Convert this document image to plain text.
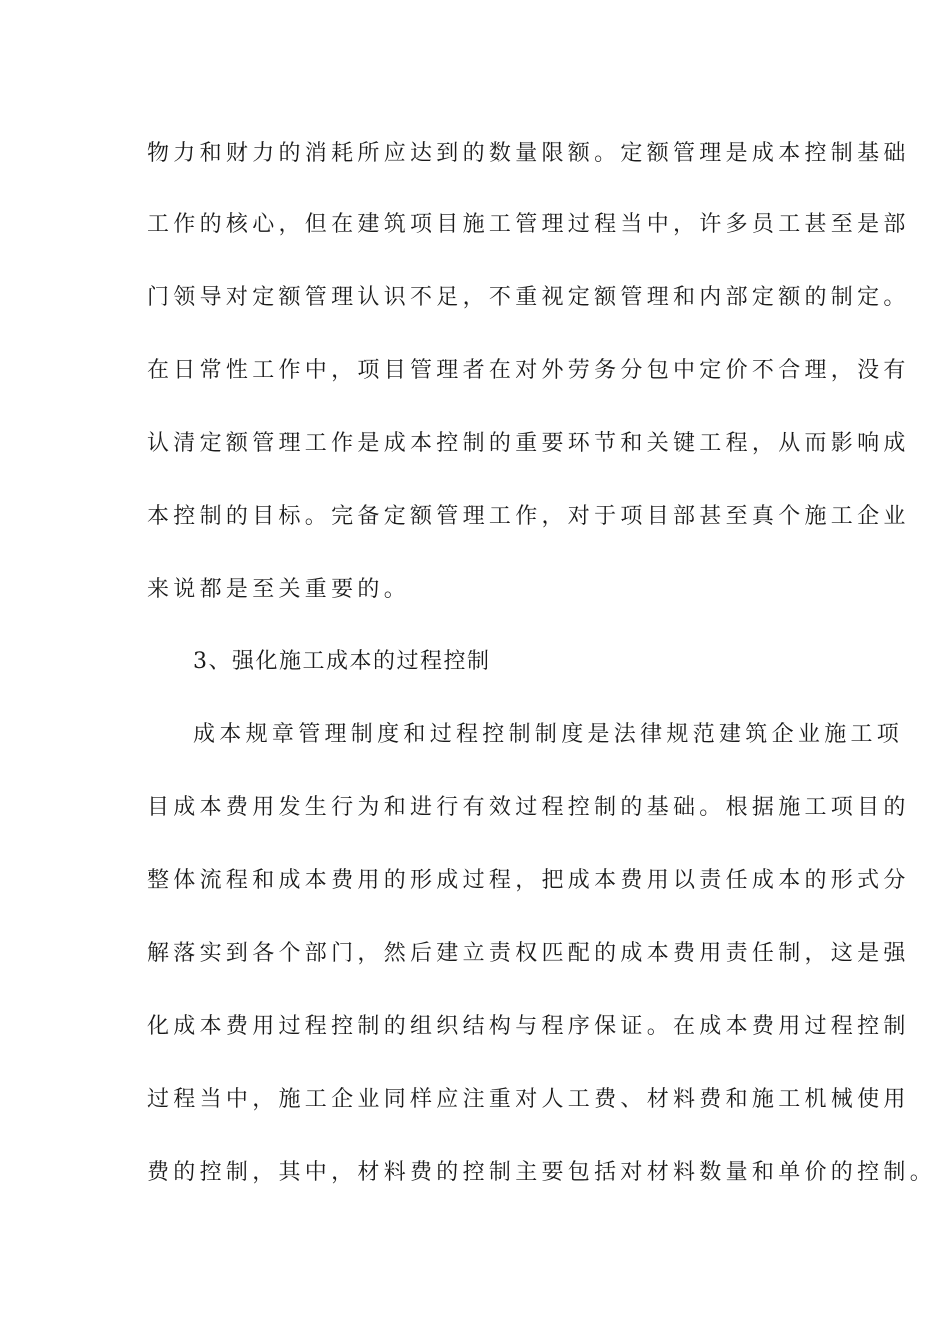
物力和财力的消耗所应达到的数量限额。定额管理是成本控制基础
工作的核心，但在建筑项目施工管理过程当中，许多员工甚至是部
门领导对定额管理认识不足，不重视定额管理和内部定额的制定。
在日常性工作中，项目管理者在对外劳务分包中定价不合理，没有
认清定额管理工作是成本控制的重要环节和关键工程，从而影响成
本控制的目标。完备定额管理工作，对于项目部甚至真个施工企业
来说都是至关重要的。
3、强化施工成本的过程控制
成本规章管理制度和过程控制制度是法律规范建筑企业施工项
目成本费用发生行为和进行有效过程控制的基础。根据施工项目的
整体流程和成本费用的形成过程，把成本费用以责任成本的形式分
解落实到各个部门，然后建立责权匹配的成本费用责任制，这是强
化成本费用过程控制的组织结构与程序保证。在成本费用过程控制
过程当中，施工企业同样应注重对人工费、材料费和施工机械使用
费的控制，其中，材料费的控制主要包括对材料数量和单价的控制。
